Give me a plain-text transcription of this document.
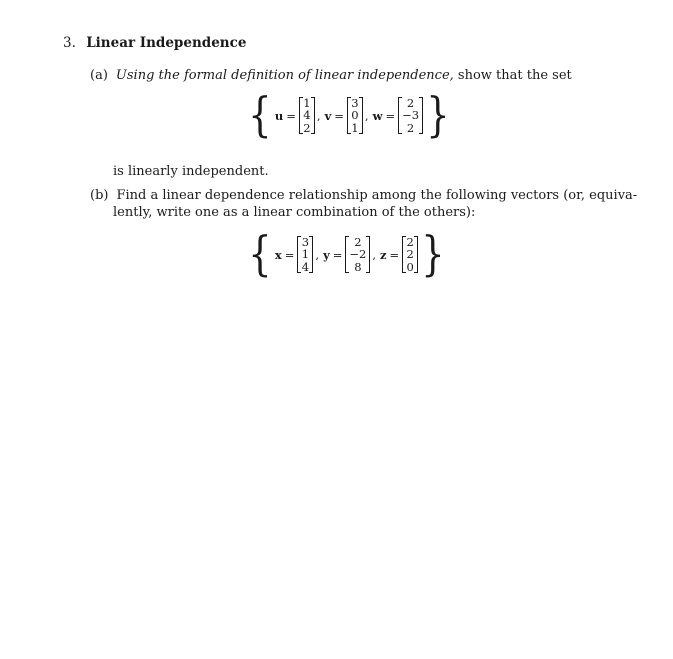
3. Linear Independence
(a) Using the formal definition of linear independence, show that the set
{ u =
1
4
2
, v =
3
0
1
, w =
2
−3
2 }
is linearly independent.
(b) Find a linear dependence relationship among the following vectors (or, equiva-
lently, write one as a linear combination of the others):
{ x =
3
1
4
, y =
2
−2
8
, z =
2
2
0 }
